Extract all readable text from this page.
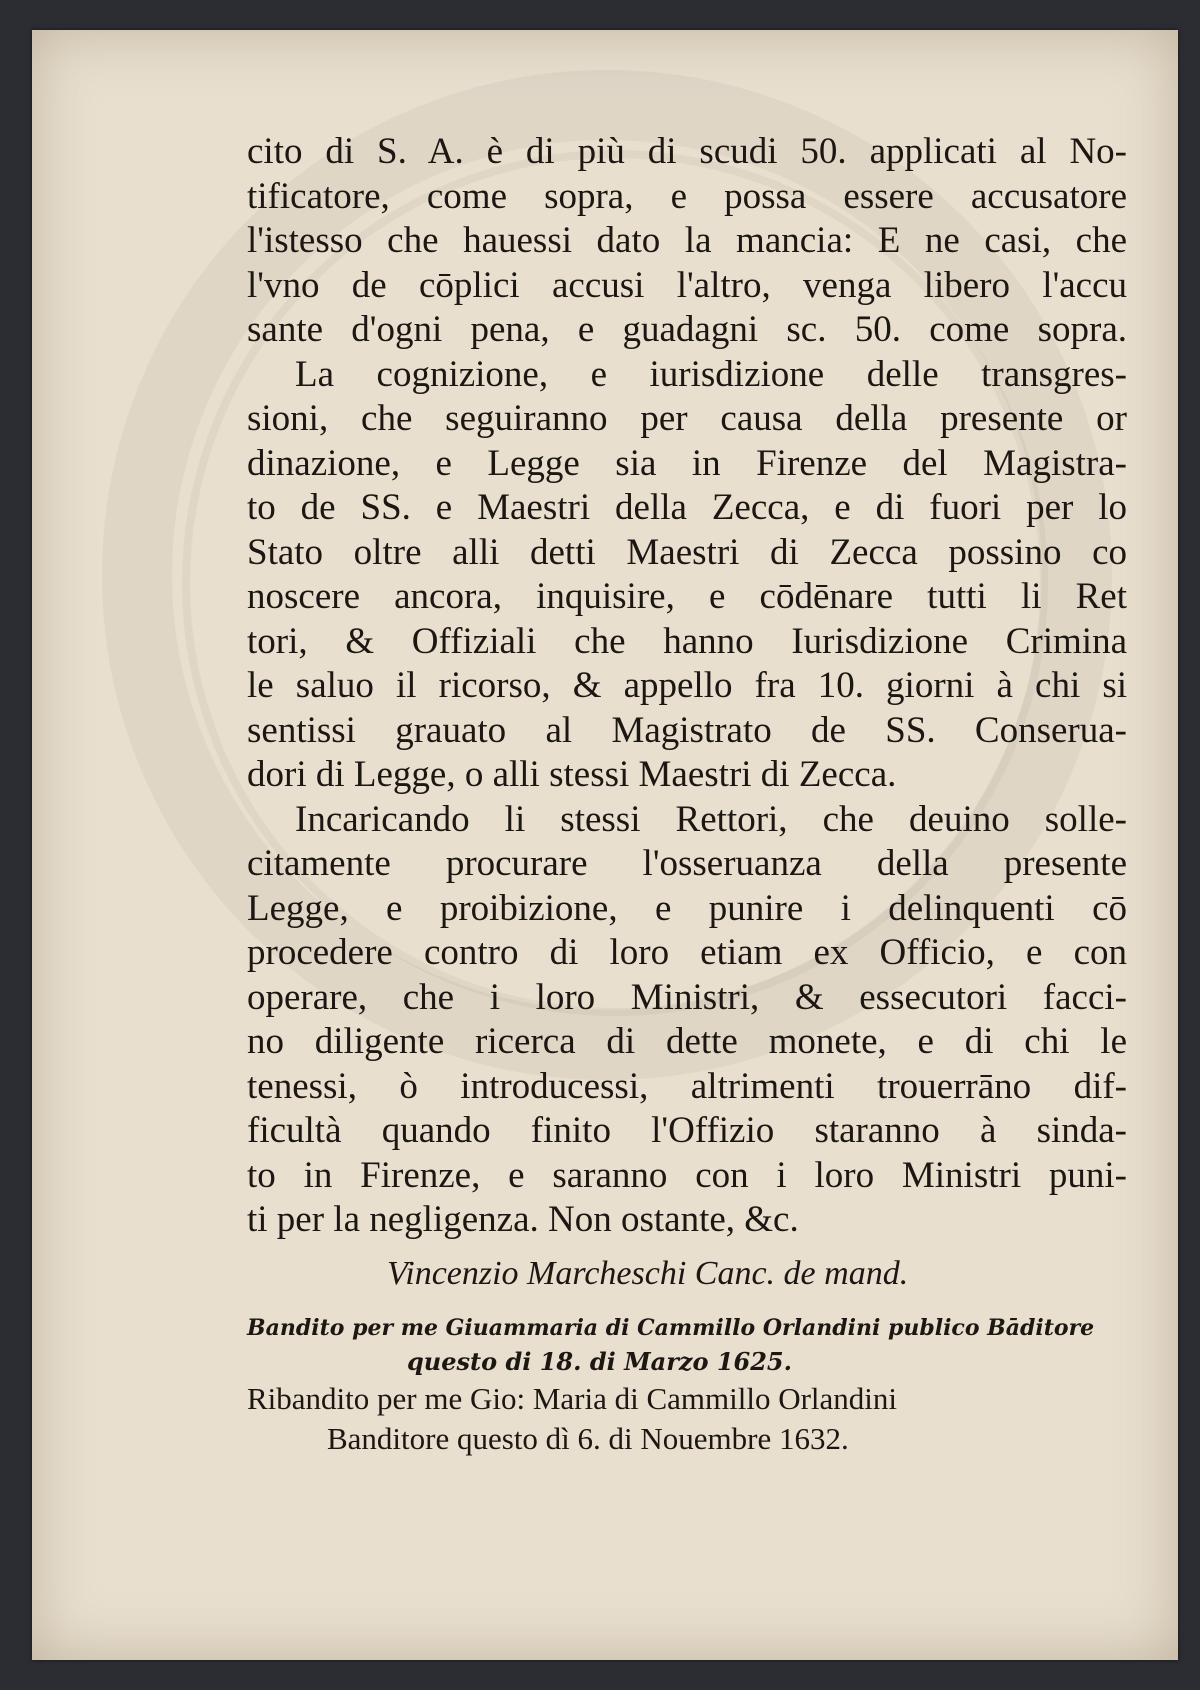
cito di S. A. è di più di scudi 50. applicati al No-
tificatore, come sopra, e possa essere accusatore
l'istesso che hauessi dato la mancia: E ne casi, che
l'vno de cōplici accusi l'altro, venga libero l'accu
sante d'ogni pena, e guadagni sc. 50. come sopra.
La cognizione, e iurisdizione delle transgres-
sioni, che seguiranno per causa della presente or
dinazione, e Legge sia in Firenze del Magistra-
to de SS. e Maestri della Zecca, e di fuori per lo
Stato oltre alli detti Maestri di Zecca possino co
noscere ancora, inquisire, e cōdēnare tutti li Ret
tori, & Offiziali che hanno Iurisdizione Crimina
le saluo il ricorso, & appello fra 10. giorni à chi si
sentissi grauato al Magistrato de SS. Conserua-
dori di Legge, o alli stessi Maestri di Zecca.
Incaricando li stessi Rettori, che deuino solle-
citamente procurare l'osseruanza della presente
Legge, e proibizione, e punire i delinquenti cō
procedere contro di loro etiam ex Officio, e con
operare, che i loro Ministri, & essecutori facci-
no diligente ricerca di dette monete, e di chi le
tenessi, ò introducessi, altrimenti trouerrāno dif-
ficultà quando finito l'Offizio staranno à sinda-
to in Firenze, e saranno con i loro Ministri puni-
ti per la negligenza. Non ostante, &c.
Vincenzio Marcheschi Canc. de mand.
Bandito per me Giuammaria di Cammillo Orlandini publico Bāditore
questo di 18. di Marzo 1625.
Ribandito per me Gio: Maria di Cammillo Orlandini
Banditore questo dì 6. di Nouembre 1632.
